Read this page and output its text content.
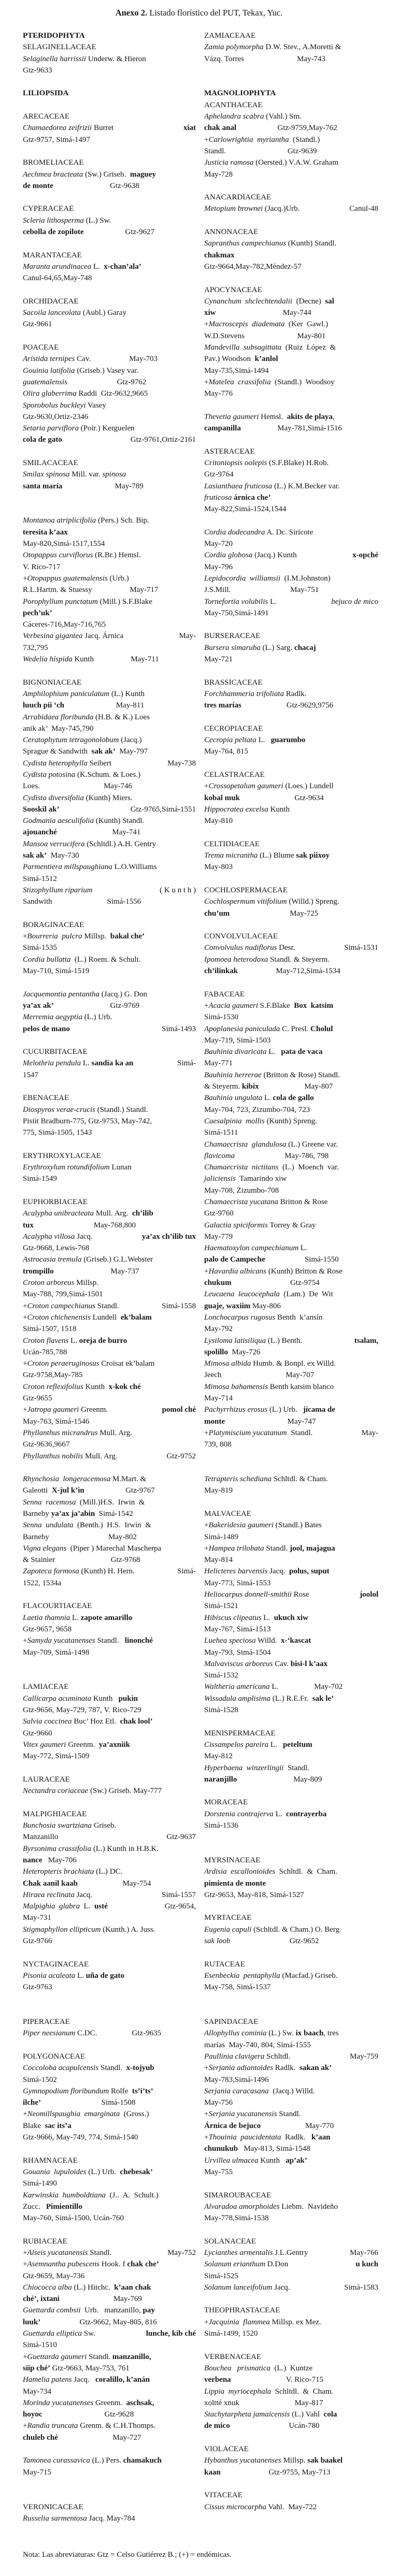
Anexo 2. Listado florístico del PUT, Tekax, Yuc.
PTERIDOPHYTA
SELAGINELLACEAE
Selaginella harrissii Underw. & Hieron
Gtz-9633
LILIOPSIDA
ARECACEAE
Chamaedorea zeifrizii Burret	xiat
Gtz-9757, Simá-1497
BROMELIACEAE
Aechmea bracteata (Sw.) Griseb.  maguey
de monte	Gtz-9638
CYPERACEAE
Scleria lithosperma (L.) Sw.
cebolla de zopilote	Gtz-9627
MARANTACEAE
Maranta arundinacea L.  x-chan’ala’
Canul-64,65,May-748
ORCHIDACEAE
Sacoila lanceolata (Aubl.) Garay
Gtz-9661
POACEAE
Aristida ternipes Cav.	May-703
Gouinia latifolia (Griseb.) Vasey var.
guatemalensis	Gtz-9762
Olira glaberrima Raddi  Gtz-9632,9665
Sporobolus buckleyi Vasey
Gtz-9630,Ortiz-2346
Setaria parviflora (Poir.) Kerguelen
cola de gato	Gtz-9761,Ortiz-2161
SMILACACEAE
Smilax spinosa Mill. var. spinosa
santa maría	May-789
Montanoa atriplicifolia (Pers.) Sch. Bip.
teresita k’aax
May-820,Simá-1517,1554
Otopappus curviflorus (R.Br.) Hemsl.
V. Rico-717
+Otopappus guatemalensis (Urb.)
R.L.Hartm. & Stuessy	May-717
Porophyllum punctatum (Mill.) S.F.Blake
pech’uk’
Cáceres-716,May-716,765
Verbesina gigantea Jacq. Árnica	May-
732,795
Wedelia híspida Kunth	May-711
BIGNONIACEAE
Amphilophium paniculatum (L.) Kunth
luuch pii ‘ch	May-811
Arrabidaea floribunda (H.B. & K.) Loes
anik ak’  May-745,790
Ceratophytum tetragonolobum (Jacq.)
Sprague & Sandwith  sak ak’  May-797
Cydista heterophylla Seibert	May-738
Cydista potosina (K.Schum. & Loes.)
Loes.	May-746
Cydista diversifolia (Kunth) Miers.
Sooskil ak’	Gtz-9765,Simá-1551
Godmania aesculifolia (Kunth) Standl.
ajouanché	May-741
Mansoa verrucifera (Schltdl.) A.H. Gentry
sak ak’  May-730
Parmentiera millspaughiana L.O.Williams
Simá-1512
Stizophyllum riparium	( K u n t h )
Sandwith	Simá-1556
BORAGINACEAE
+Bourreria  pulcra Millsp.  bakal che’
Simá-1535
Cordia bullatta  (L.) Roem. & Schult.
May-710, Simá-1519
Jacquemontia pentantha (Jacq.) G. Don
ya’ax ak’	Gtz-9769
Merremia aegyptia (L.) Urb.
pelos de mano	Simá-1493
CUCURBITACEAE
Melothria pendula L. sandía ka an	Simá-
1547
EBENACEAE
Diospyros verae-crucis (Standl.) Standl.
Pisiit Bradburn-775, Gtz-9753, May-742,
775, Simá-1505, 1543
ERYTHROXYLACEAE
Erythroxylum rotundifolium Lunan
Simá-1549
EUPHORBIACEAE
Acalypha unibracteata Mull. Arg.  ch’ilib
tux	May-768,800
Acalypha villosa Jacq.	ya’ax ch’ilib tux
Gtz-9668, Lewis-768
Astrocasia tremula (Griseb.) G.L.Webster
trompillo	May-737
Croton arboreus Millsp.
May-788, 799,Simá-1501
+ Croton campechianus Standl.	Simá-1558
+Croton chichenensis Lundell  ek’balam
Simá-1507, 1518
Croton flavens L. oreja de burro
Ucán-785,788
+Croton peraeruginosus Croisat ek’balam
Gtz-9758,May-785
Croton reflexifolius Kunth  x-kok ché
Gtz-9655
+ Jatropa gaumeri Greenm.	pomol ché
May-763, Simá-1546
Phyllanthus micrandrus Mull. Arg.
Gtz-9636,9667
Phyllanthus nobilis Mull. Arg.	Gtz-9752
Rhynchosia  longeracemosa M.Mart. &
Galeotti X-jul k’ìn	Gtz-9767
Senna  racemosa  (Mill.)H.S.  Irwin  &
Barneby ya’ax ja’abin  Simá-1542
Senna  undulata  (Benth.)  H.S.  Irwin  &
Barneby	May-802
Vigna elegans  (Piper ) Marechal Mascherpa
& Stainier	Gtz-9768
Zapoteca formosa (Kunth) H. Hern.	Simá-
1522, 1534a
FLACOURTIACEAE
Laetia thamnia L. zapote amarillo
Gtz-9657, 9658
+Samyda yucatanenses Standl.   linonché
May-709, Simá-1498
LAMIACEAE
Callicarpa acuminata Kunth   pukìn
Gtz-9656, May-729, 787, V. Rico-729
Salvia coccinea Buc’ Hoz Etl.  chak lool’
Gtz-9660
Vitex gaumeri Greenm.  ya’axniik
May-772, Simá-1509
LAURACEAE
Nectandra coriaceae (Sw.) Griseb. May-777
MALPIGHIACEAE
Bunchosia swartziana Griseb.
Manzanillo	Gtz-9637
Byrsonima crassifolia (L.) Kunth in H.B.K.
nance   May-706
Heteropteris brachiata (L.) DC.
Chak aanil kaab	May-754
Hiraea reclinata Jacq.	Simá-1557
Malpighia  glabra L. usté	Gtz-9654,
May-731
Stigmaphyllon ellipticum (Kunth.) A. Juss.
Gtz-9766
NYCTAGINACEAE
Pisonia aculeata L. uña de gato
Gtz-9763
PIPERACEAE
Piper neesianum C.DC.	Gtz-9635
POLYGONACEAE
Coccoloba acapulcensis Standl.  x-tojyub
Simá-1502
Gymnopodium floribundum Rolfe  ts’i’ts’
ilche’	Simá-1508
+Neomillspaughia  emarginata  (Gross.)
Blake  sac its’a
Gtz-9666, May-749, 774, Simá-1540
RHAMNACEAE
Gouania  lupuloides (L.) Urb.  chebesak’
Simá-1490
Karwinskia  humboldtiana  (J..  A.  Schult.)
Zucc.   Pimientillo
May-760, Simá-1500, Ucán-760
RUBIACEAE
+ Alseis yucatanensis Standl.	May-752
+Asemnantha pubescens Hook. f chak che’
Gtz-9659, May-736
Chiococca alba (L.) Hitchc.  k’aan chak
ché’, ixtani	May-769
Guettarda combsii  Urb.   manzanillo, pay
luuk’	Gtz-9662, May-805, 816
Guettarda elliptica Sw.	lunche, kib ché
Simá-1510
+Guettarda gaumeri Standl. manzanillo,
siip ché’ Gtz-9663, May-753, 761
Hamelia patens Jacq.   coralillo, k’anán
May-734
Morinda yucatanenses Greenm.  aschsak,
hoyoc	Gtz-9628
+Randia truncata Grenm. & C.H.Thomps.
chuleb ché	May-727
Tamonea curassavica (L.) Pers. chamakuch
May-715
VERONICACEAE
Russelia sarmentosa Jacq. May-784
ZAMIACEAAE
Zamia polymorpha D.W. Stev., A.Moretti &
Vázq. Torres	May-743
MAGNOLIOPHYTA
ACANTHACEAE
Aphelandra scabra (Vahl.) Sm.
chak anal	Gtz-9759,May-762
+Carlowrightia  myriantha  (Standl.)
Standl.	Gtz-9639
Justicia ramosa (Oersted.) V.A.W. Graham
May-728
ANACARDIACEAE
Metopium brownei (Jacq.)Urb.	Canul-48
ANNONACEAE
Sapranthus campechianus (Kunth) Standl.
chakmax
Gtz-9664,May-782,Méndez-57
APOCYNACEAE
Cynanchum  shclechtendalii  (Decne)  sal
xiw	May-744
+Macroscepis  diademata  (Ker  Gawl.)
W.D.Stevens	May-801
Mandevilla  subsagittata  (Ruiz  López  &
Pav.) Woodson  k’anlol
May-735,Simá-1494
+Matelea  crassifolia  (Standl.)  Woodsoy
May-776
Thevetia gaumeri Hemsl.  akits de playa,
campanilla	May-781,Simá-1516
ASTERACEAE
Critoniopsis oolepis (S.F.Blake) H.Rob.
Gtz-9764
Lasianthaea fruticosa (L.) K.M.Becker var.
fruticosa árnica che’
May-822,Simá-1524,1544
Cordia dodecandra A. Dc. Siricote
May-720
Cordia globosa (Jacq.) Kunth	x-opché
May-796
Lepidocordia  williamsii  (I.M.Johnston)
J.S.Mill.	May-751
Tornefortia volubilis L.	bejuco de mico
May-750,Simá-1491
BURSERACEAE
Bursera simaruba (L.) Sarg. chacaj
May-721
BRASSICACEAE
Forchhammeria trifoliata Radlk.
tres marías	Gtz-9629,9756
CECROPIACEAE
Cecropia peltata L.   guarumbo
May-764, 815
CELASTRACEAE
+Crossopetalum gaumeri (Loes.) Lundell
kobal muk	Gtz-9634
Hippocratea excelsa Kunth
May-810
CELTIDIACEAE
Trema micrantha (L.) Blume sak piixoy
May-803
COCHLOSPERMACEAE
Cochlospermum vitifolium (Willd.) Spreng.
chu’um	May-725
CONVOLVULACEAE
Convolvulus nudiflorus Desr.	Simá-1531
Ipomoea heterodoxa Standl. & Steyerm.
ch’ilinkak	May-712,Simá-1534
FABACEAE
+Acacia gaumeri S.F.Blake  Box  katsim
Simá-1530
Apoplanesia paniculada C. Presl. Cholul
May-719, Simá-1503
Bauhinia divaricata L.   pata de vaca
May-771
Bauhinia herrerae (Britton & Rose) Standl.
& Steyerm. kibix	May-807
Bauhinia ungulata L. cola de gallo
May-704, 723, Zizumbo-704, 723
Caesalpinia  mollis (Kunth) Spreng.
Simá-1511
Chamaecrista  glandulosa (L.) Greene var.
flavicoma	May-786, 798
Chamaecrista  nictitans  (L.)  Moench  var.
jaliciensis  Tamarindo xiw
May-708, Zizumbo-708
Chamaecrista yucatana Britton & Rose
Gtz-9760
Galactia spiciformis Torrey & Gray
May-779
Haematoxylon campechianum L.
palo de Campeche	Simá-1550
+Havardia albicans (Kunth) Britton & Rose
chukum	Gtz-9754
Leucaena  leucocephala  (Lam.)  De  Wit
guaje, waxiim May-806
Lonchocarpus rugosus Benth  k’ansín
May-792
Lysiloma latisiliqua (L.) Benth.	tsalam,
spolillo May-726
Mimosa albida Humb. & Bonpl. ex Willd.
Jeech	May-707
Mimosa bahamensis Benth katsim blanco
May-714
Pachyrrhizus erosus (L.) Urb.   jícama de
monte	May-747
+ Platymiscium yucatanum Standl.	May-
739, 808
Tetrapteris schediana Schltdl. & Cham.
May-819
MALVACEAE
+Bakeridesia gaumeri (Standl.) Bates
Simá-1489
+Hampea trilobata Standl. jool, majagua
May-814
Helicteres barvensis Jacq.  polus, suput
May-773, Simá-1553
Heliocarpus donnell-smithii Rose	joolol
Simá-1521
Hibiscus clipeatus L.  ukuch xiw
May-767, Simá-1513
Luehea speciosa Willd.  x-‘kascat
May-793, Simá-1504
Malvaviscus arboreus Cav. bisi-l k’aax
Simá-1532
Waltheria americana L.	May-702
Wissadula amplisima (L.) R.E.Fr.  sak le’
Simá-1528
MENISPERMACEAE
Cissampelos pareira L.   peteltum
May-812
Hyperbaena  winzerlingii  Standl.
naranjillo	May-809
MORACEAE
Dorstenia contrajerva L.  contrayerba
Simá-1536
MYRSINACEAE
Ardisia  escallonioides  Schltdl.  &  Cham.
pimienta de monte
Gtz-9653, May-818, Simá-1527
MYRTACEAE
Eugenia capuli (Schltdl. & Cham.) O. Berg
sak loob	Gtz-9652
RUTACEAE
Esenbeckia  pentaphylla (Macfad.) Griseb.
May-758, Simá-1537
SAPINDACEAE
Allophyllus cominia (L.) Sw. ix baach, tres
marías  May-740, 804, Simá-1555
Paullinia clavigera Schltdl.	May-759
+Serjania adiantoides Radlk.  sakan ak’
May-783,Simá-1496
Serjania caracasana  (Jacq.) Willd.
May-756
+Serjania yucatanensis Standl.
Árnica de bejuco	May-770
+Thouinia  paucidentata  Radlk.   k’aan
chunukub   May-813, Simá-1548
Urvillea ulmacea Kunth   ap’ak’
May-755
SIMAROUBACEAE
Alvaradoa amorphoides Liebm.  Navideño
May-778,Simá-1538
SOLANACEAE
Lycianthes armentalis J.L.Gentry	May-766
Solanum erianthum D.Don	u kuch
Simá-1525
Solanum lanceifolium Jacq.	Simá-1583
THEOPHRASTACEAE
+Jacquinia  flammea Millsp. ex Mez.
Simá-1499, 1520
VERBENACEAE
Bouchea   prismatica  (L.)  Kuntze
verbena	V. Rico-715
Lippia  myriocephala  Schltdl.  &  Cham.
xoltté xnuk	May-817
Stachytarpheta jamaicensis (L.) Vahl  cola
de mico	Ucán-780
VIOLACEAE
Hybanthus yucatanenses Millsp. sak baakel
kaan	Gtz-9755, May-713
VITACEAE
Cissus microcarpha Vahl.  May-722
Nota: Las abreviaturas: Gtz = Celso Gutiérrez B.; (+) = endémicas.
